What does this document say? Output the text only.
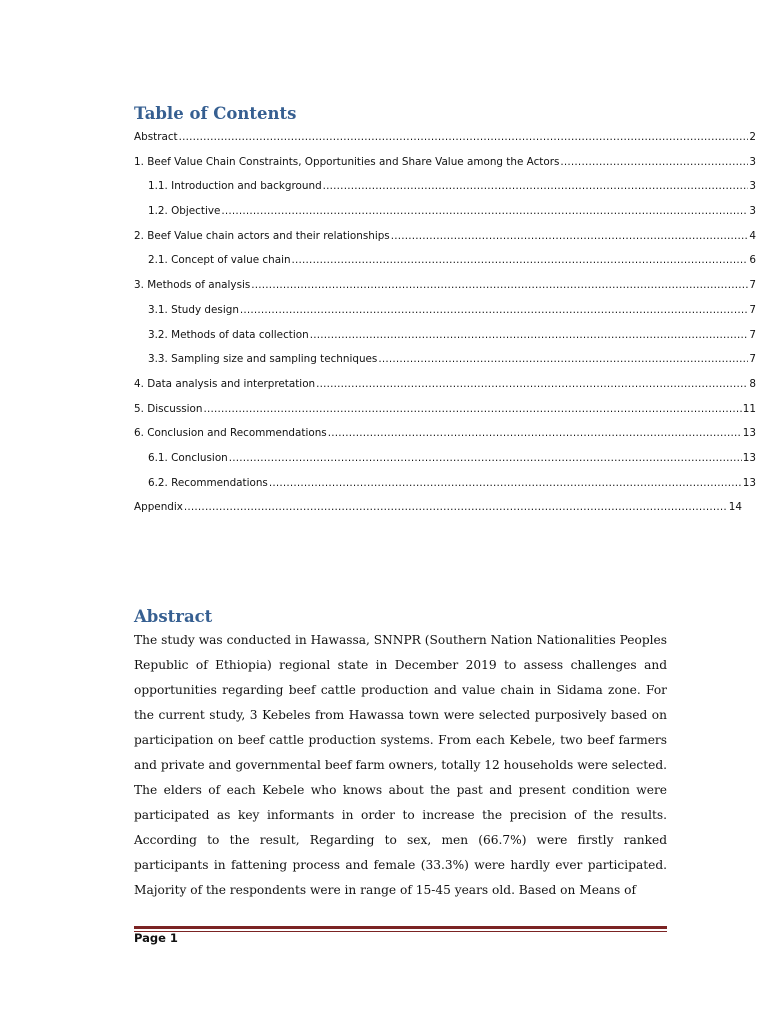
Table of Contents
Abstract .....	2
1. Beef Value Chain Constraints, Opportunities and Share Value among the Actors .....	3
1.1. Introduction and background .....	3
1.2. Objective .....	3
2. Beef Value chain actors and their relationships .....	4
2.1. Concept of value chain .....	6
3. Methods of analysis .....	7
3.1. Study design .....	7
3.2. Methods of data collection .....	7
3.3. Sampling size and sampling techniques .....	7
4. Data analysis and interpretation .....	8
5. Discussion .....	11
6. Conclusion and Recommendations .....	13
6.1. Conclusion .....	13
6.2. Recommendations .....	13
Appendix .....	14
Abstract

The study was conducted in Hawassa, SNNPR (Southern Nation Nationalities Peoples Republic of Ethiopia) regional state in December 2019 to assess challenges and opportunities regarding beef cattle production and value chain in Sidama zone. For the current study, 3 Kebeles from Hawassa town were selected purposively based on participation on beef cattle production systems. From each Kebele, two beef farmers and private and governmental beef farm owners, totally 12 households were selected. The elders of each Kebele who knows about the past and present condition were participated as key informants in order to increase the precision of the results. According to the result, Regarding to sex, men (66.7%) were firstly ranked participants in fattening process and female (33.3%) were hardly ever participated. Majority of the respondents were in range of 15-45 years old. Based on Means of

Page 1
